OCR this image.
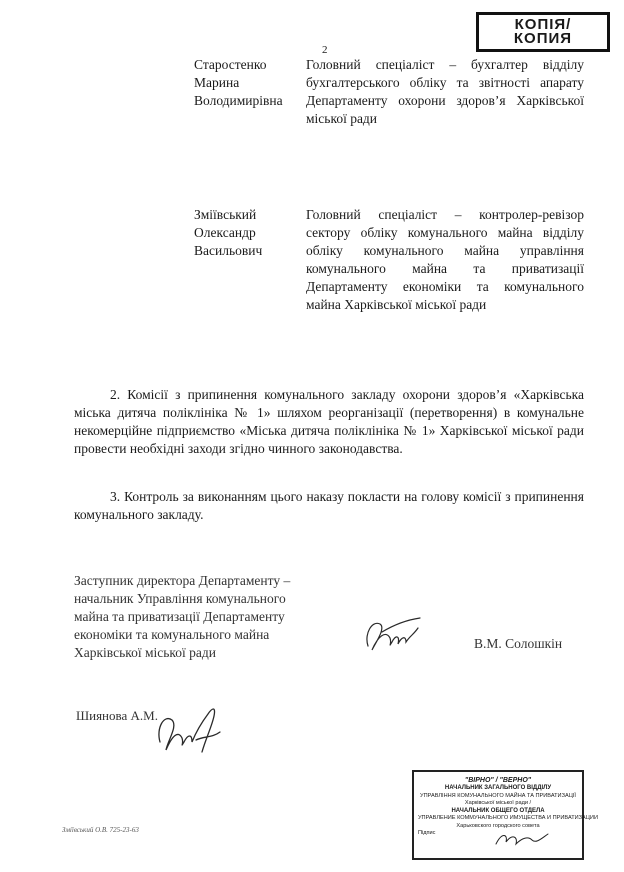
КОПІЯ/
КОПИЯ
2
Старостенко
Марина
Володимирівна
Головний спеціаліст – бухгалтер відділу бухгалтерського обліку та звітності апарату Департаменту охорони здоров’я Харківської міської ради
Зміївський
Олександр
Васильович
Головний спеціаліст – контролер-ревізор сектору обліку комунального майна відділу обліку комунального майна управління комунального майна та приватизації Департаменту економіки та комунального майна Харківської міської ради
2. Комісії з припинення комунального закладу охорони здоров’я «Харківська міська дитяча поліклініка № 1» шляхом реорганізації (перетворення) в комунальне некомерційне підприємство «Міська дитяча поліклініка № 1» Харківської міської ради провести необхідні заходи згідно чинного законодавства.
3. Контроль за виконанням цього наказу покласти на голову комісії з припинення комунального закладу.
Заступник директора Департаменту –
начальник Управління комунального
майна та приватизації Департаменту
економіки та комунального майна
Харківської міської ради
В.М. Солошкін
Шиянова А.М.
Зміївський О.В. 725-23-63
"ВІРНО" / "ВЕРНО"
НАЧАЛЬНИК ЗАГАЛЬНОГО ВІДДІЛУ
УПРАВЛІННЯ КОМУНАЛЬНОГО МАЙНА ТА ПРИВАТИЗАЦІЇ
Харківської міської ради /
НАЧАЛЬНИК ОБЩЕГО ОТДЕЛА
УПРАВЛЕНИЕ КОММУНАЛЬНОГО ИМУЩЕСТВА И ПРИВАТИЗАЦИИ
Харьковского городского совета
Підпис
